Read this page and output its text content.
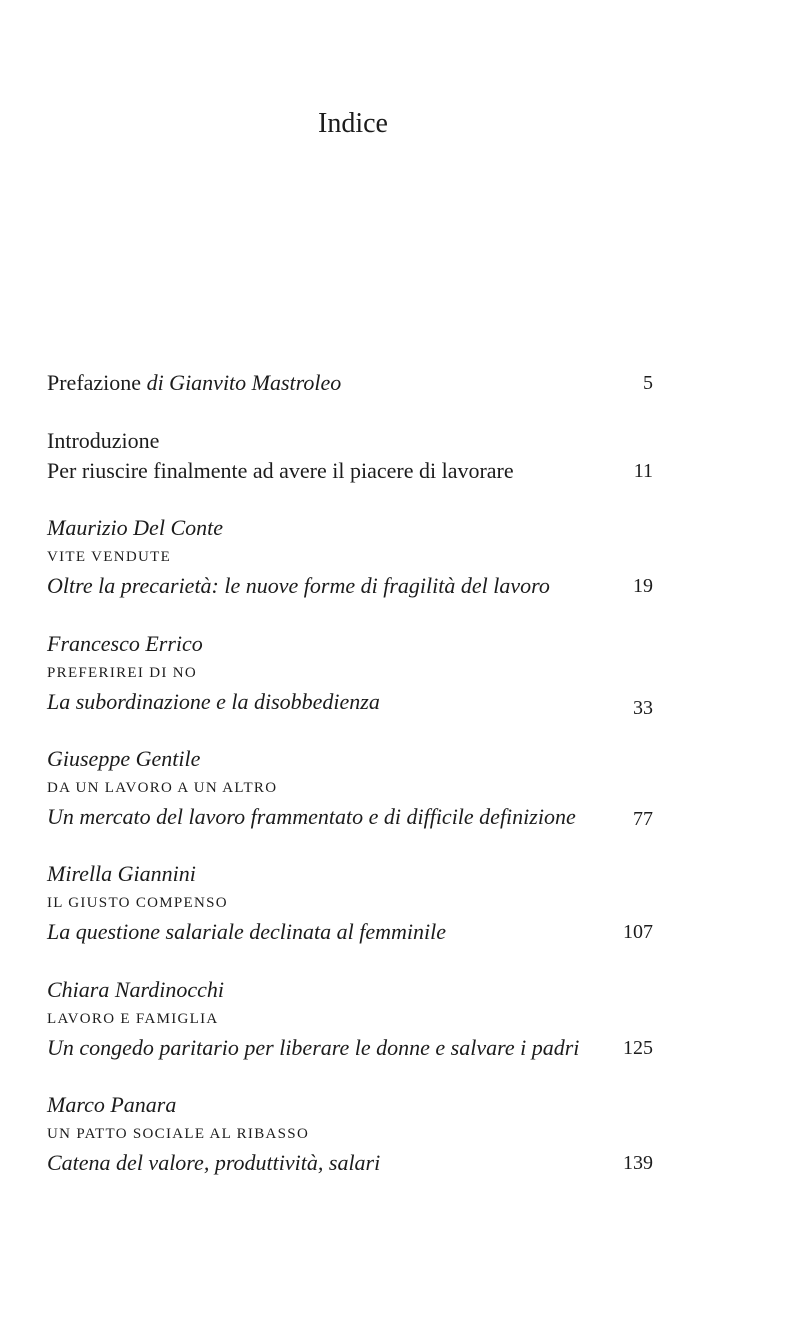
Indice
Prefazione di Gianvito Mastroleo	5
Introduzione
Per riuscire finalmente ad avere il piacere di lavorare	11
Maurizio Del Conte
VITE VENDUTE
Oltre la precarietà: le nuove forme di fragilità del lavoro	19
Francesco Errico
PREFERIREI DI NO
La subordinazione e la disobbedienza	33
Giuseppe Gentile
DA UN LAVORO A UN ALTRO
Un mercato del lavoro frammentato e di difficile definizione	77
Mirella Giannini
IL GIUSTO COMPENSO
La questione salariale declinata al femminile	107
Chiara Nardinocchi
LAVORO E FAMIGLIA
Un congedo paritario per liberare le donne e salvare i padri	125
Marco Panara
UN PATTO SOCIALE AL RIBASSO
Catena del valore, produttività, salari	139
